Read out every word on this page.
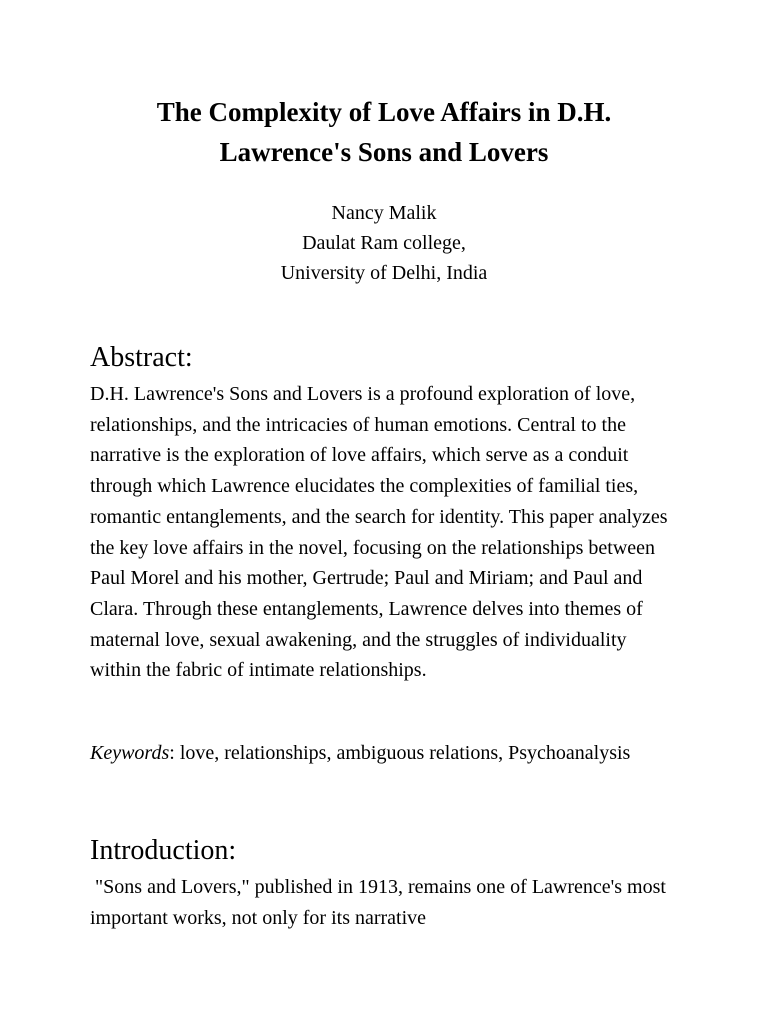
The Complexity of Love Affairs in D.H.
Lawrence's Sons and Lovers
Nancy Malik
Daulat Ram college,
University of Delhi, India
Abstract:

D.H. Lawrence's Sons and Lovers is a profound exploration of love, relationships, and the intricacies of human emotions. Central to the narrative is the exploration of love affairs, which serve as a conduit through which Lawrence elucidates the complexities of familial ties, romantic entanglements, and the search for identity. This paper analyzes the key love affairs in the novel, focusing on the relationships between Paul Morel and his mother, Gertrude; Paul and Miriam; and Paul and Clara. Through these entanglements, Lawrence delves into themes of maternal love, sexual awakening, and the struggles of individuality within the fabric of intimate relationships.

Keywords: love, relationships, ambiguous relations, Psychoanalysis

Introduction:

"Sons and Lovers," published in 1913, remains one of Lawrence's most important works, not only for its narrative
